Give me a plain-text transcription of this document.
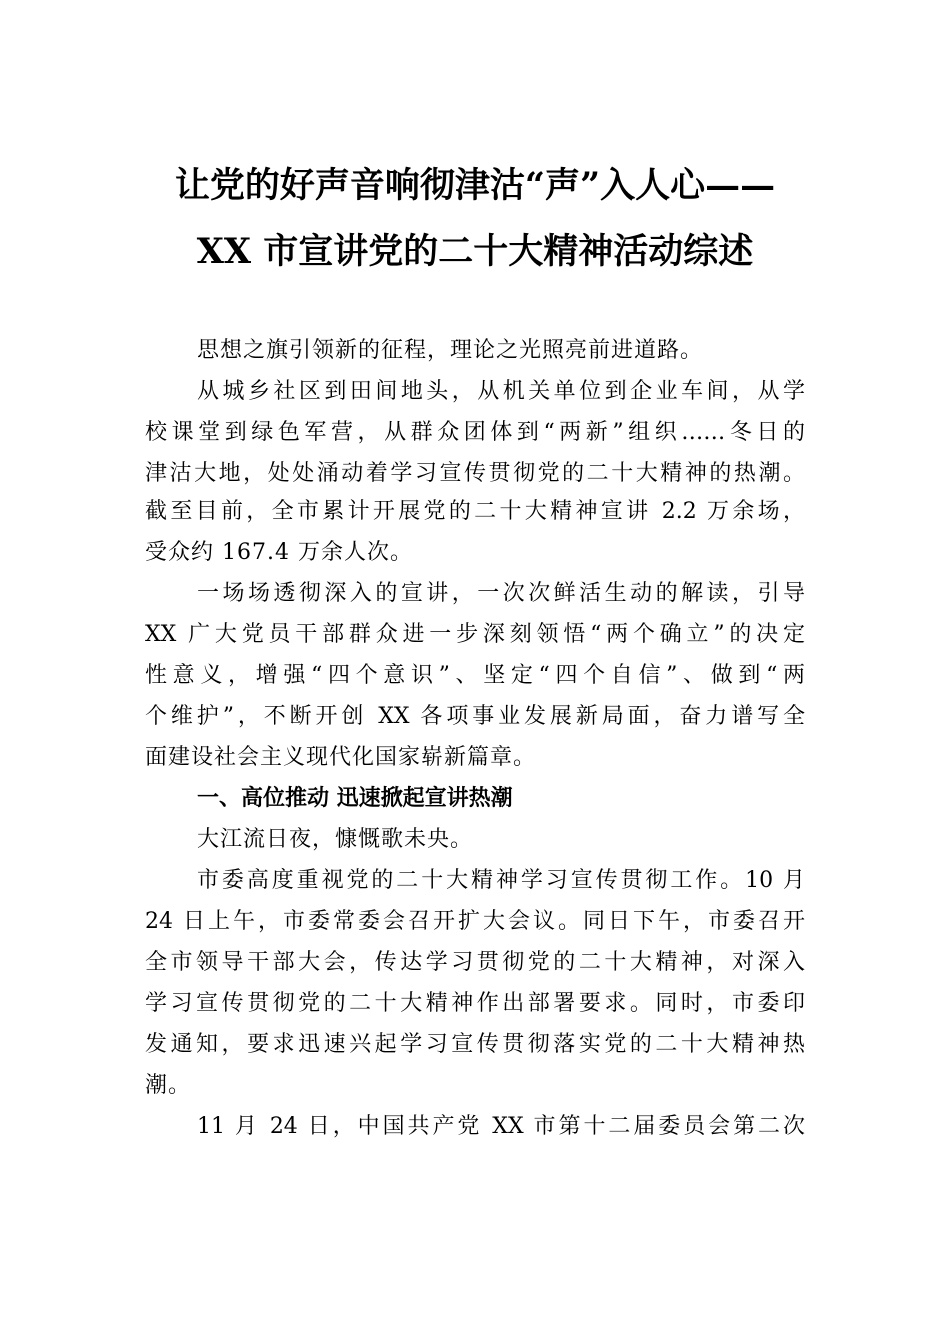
让党的好声音响彻津沽“声”入人心——
XX 市宣讲党的二十大精神活动综述
思想之旗引领新的征程，理论之光照亮前进道路。
从城乡社区到田间地头，从机关单位到企业车间，从学
校课堂到绿色军营，从群众团体到“两新”组织……冬日的
津沽大地，处处涌动着学习宣传贯彻党的二十大精神的热潮。
截至目前，全市累计开展党的二十大精神宣讲 2.2 万余场，
受众约 167.4 万余人次。
一场场透彻深入的宣讲，一次次鲜活生动的解读，引导
XX 广大党员干部群众进一步深刻领悟“两个确立”的决定
性意义，增强“四个意识”、坚定“四个自信”、做到“两
个维护”，不断开创 XX 各项事业发展新局面，奋力谱写全
面建设社会主义现代化国家崭新篇章。
一、高位推动 迅速掀起宣讲热潮
大江流日夜，慷慨歌未央。
市委高度重视党的二十大精神学习宣传贯彻工作。10 月
24 日上午，市委常委会召开扩大会议。同日下午，市委召开
全市领导干部大会，传达学习贯彻党的二十大精神，对深入
学习宣传贯彻党的二十大精神作出部署要求。同时，市委印
发通知，要求迅速兴起学习宣传贯彻落实党的二十大精神热
潮。
11 月 24 日，中国共产党 XX 市第十二届委员会第二次
